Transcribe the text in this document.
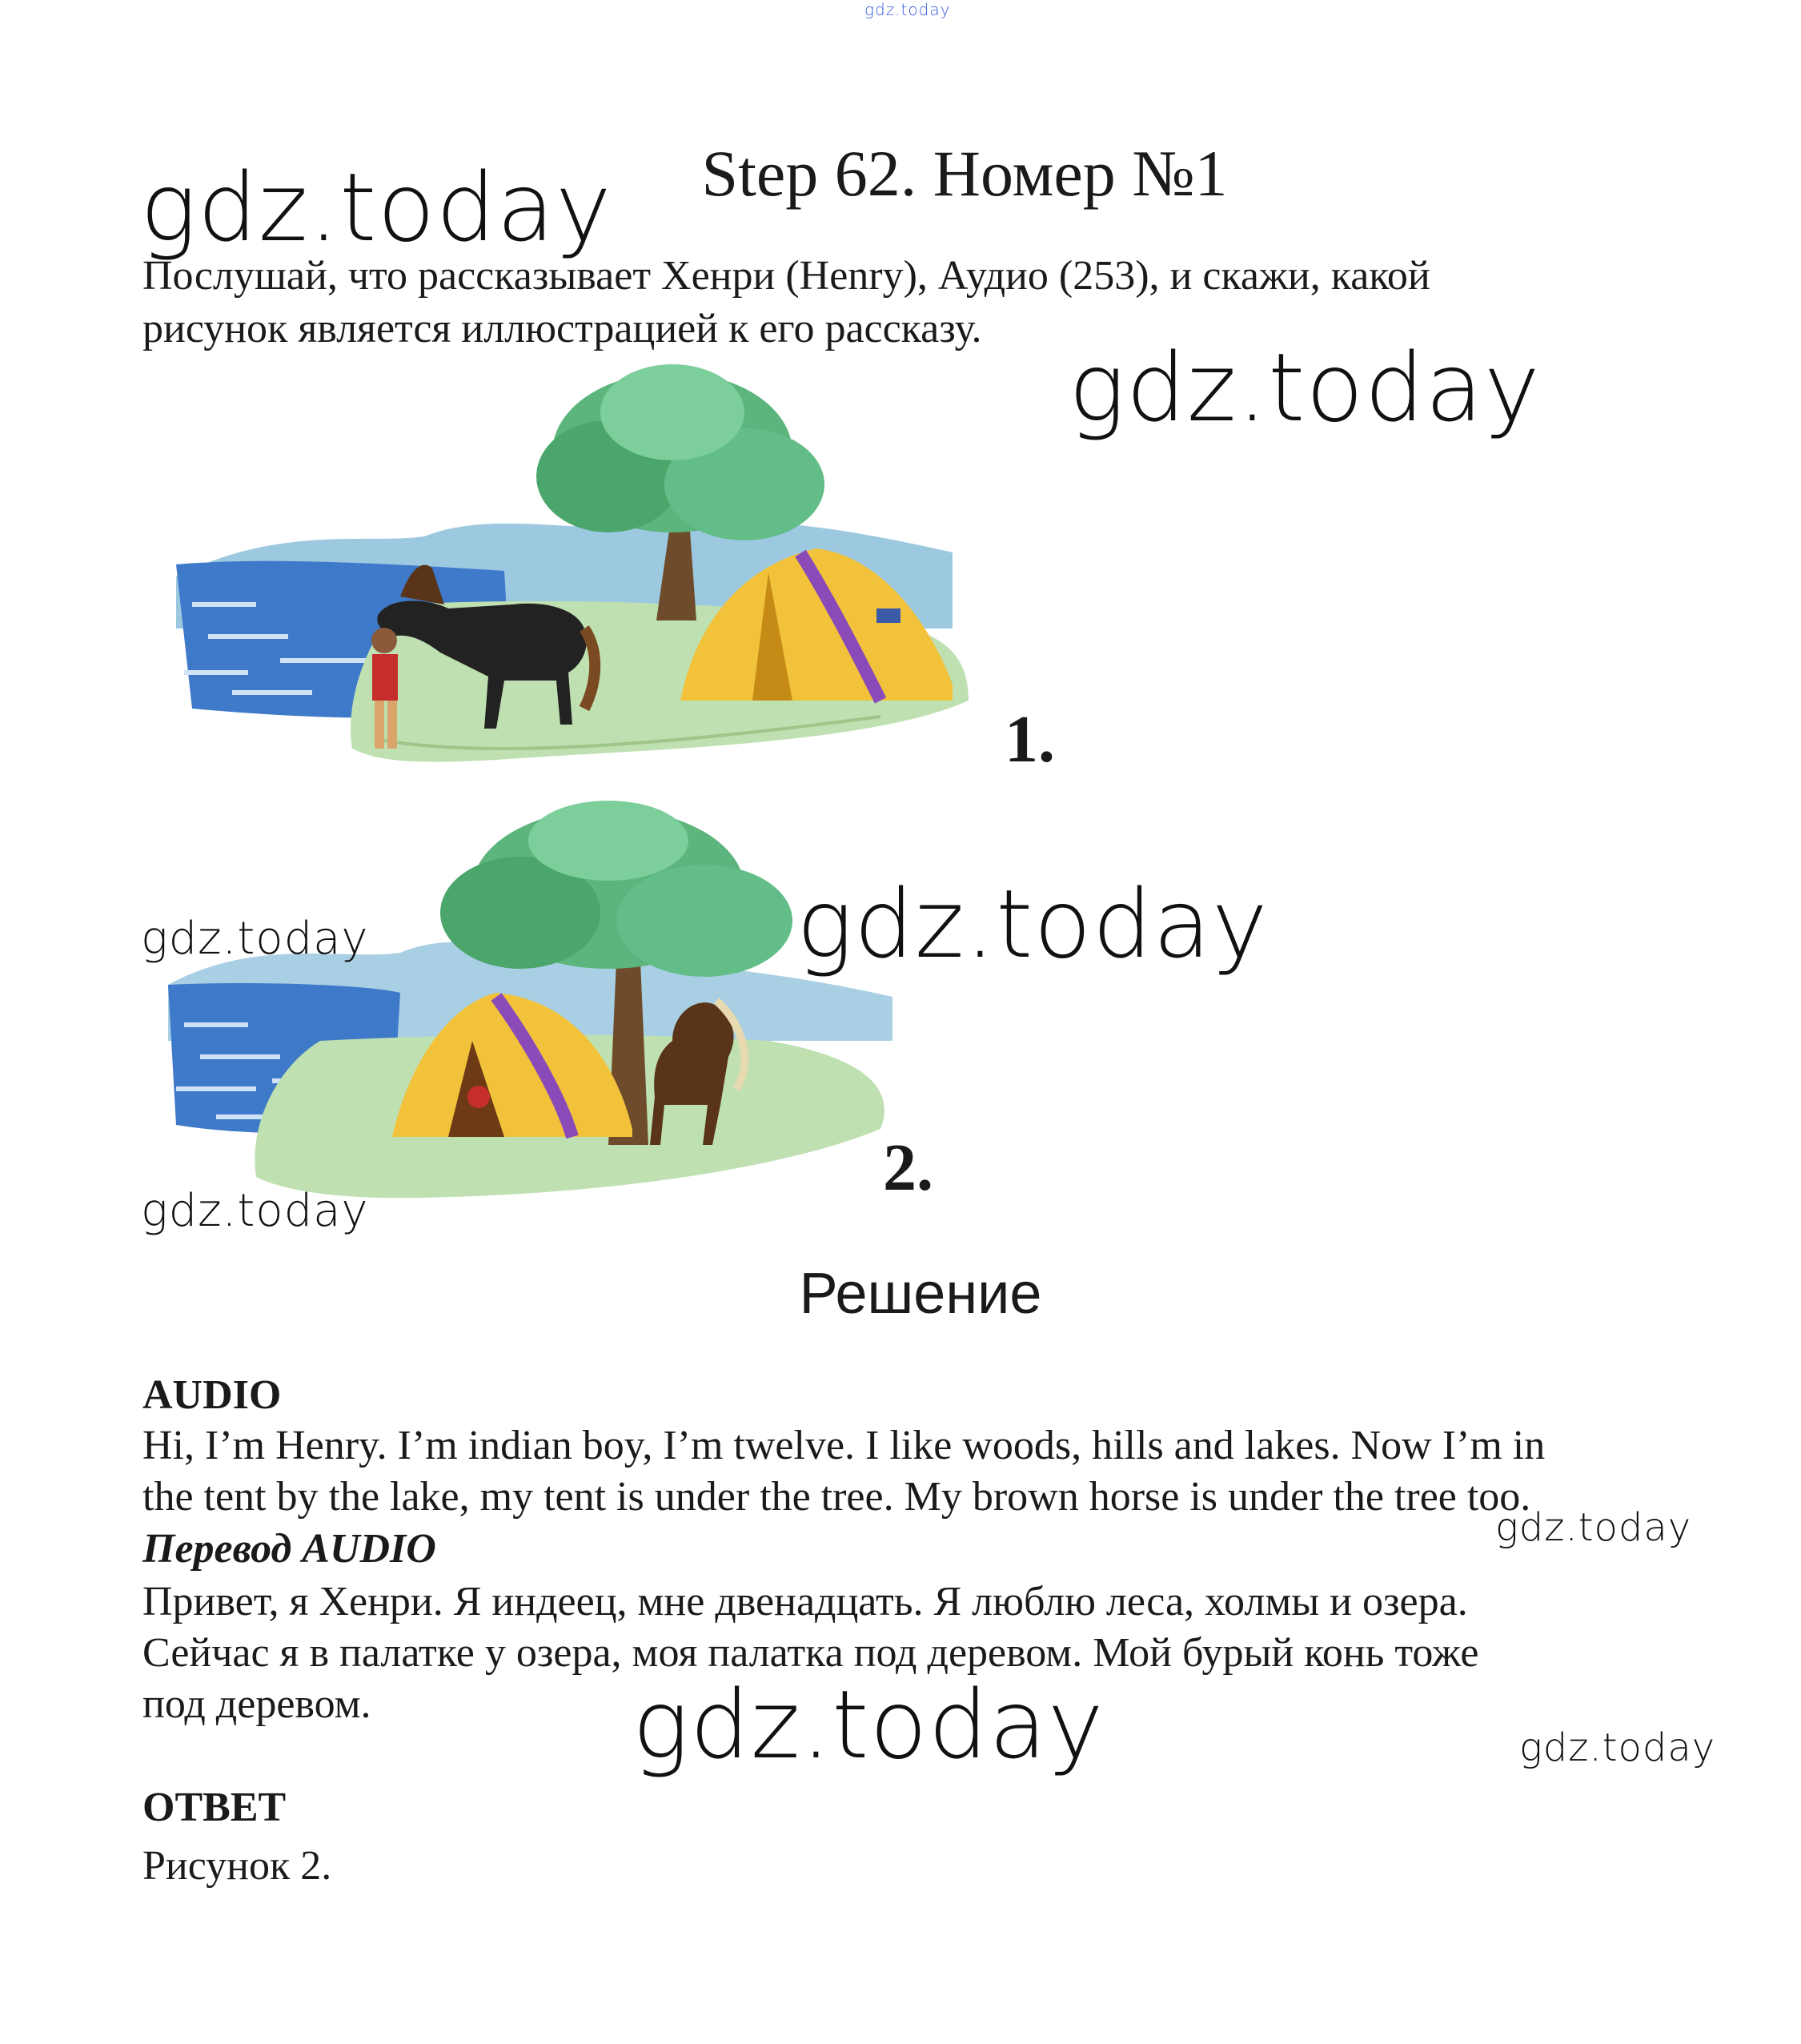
gdz.today
Step 62. Номер №1
gdz.today
Послушай, что рассказывает Хенри (Henry), Аудио (253), и скажи, какой
рисунок является иллюстрацией к его рассказу.
gdz.today
1.
2.
gdz.today	gdz.today
gdz.today
Решение
AUDIO
Hi, I’m Henry. I’m indian boy, I’m twelve. I like woods, hills and lakes. Now I’m in
the tent by the lake, my tent is under the tree. My brown horse is under the tree too.
gdz.today
Перевод AUDIO
Привет, я Хенри. Я индеец, мне двенадцать. Я люблю леса, холмы и озера.
Сейчас я в палатке у озера, моя палатка под деревом. Мой бурый конь тоже
под деревом.	gdz.today	gdz.today
ОТВЕТ
Рисунок 2.
